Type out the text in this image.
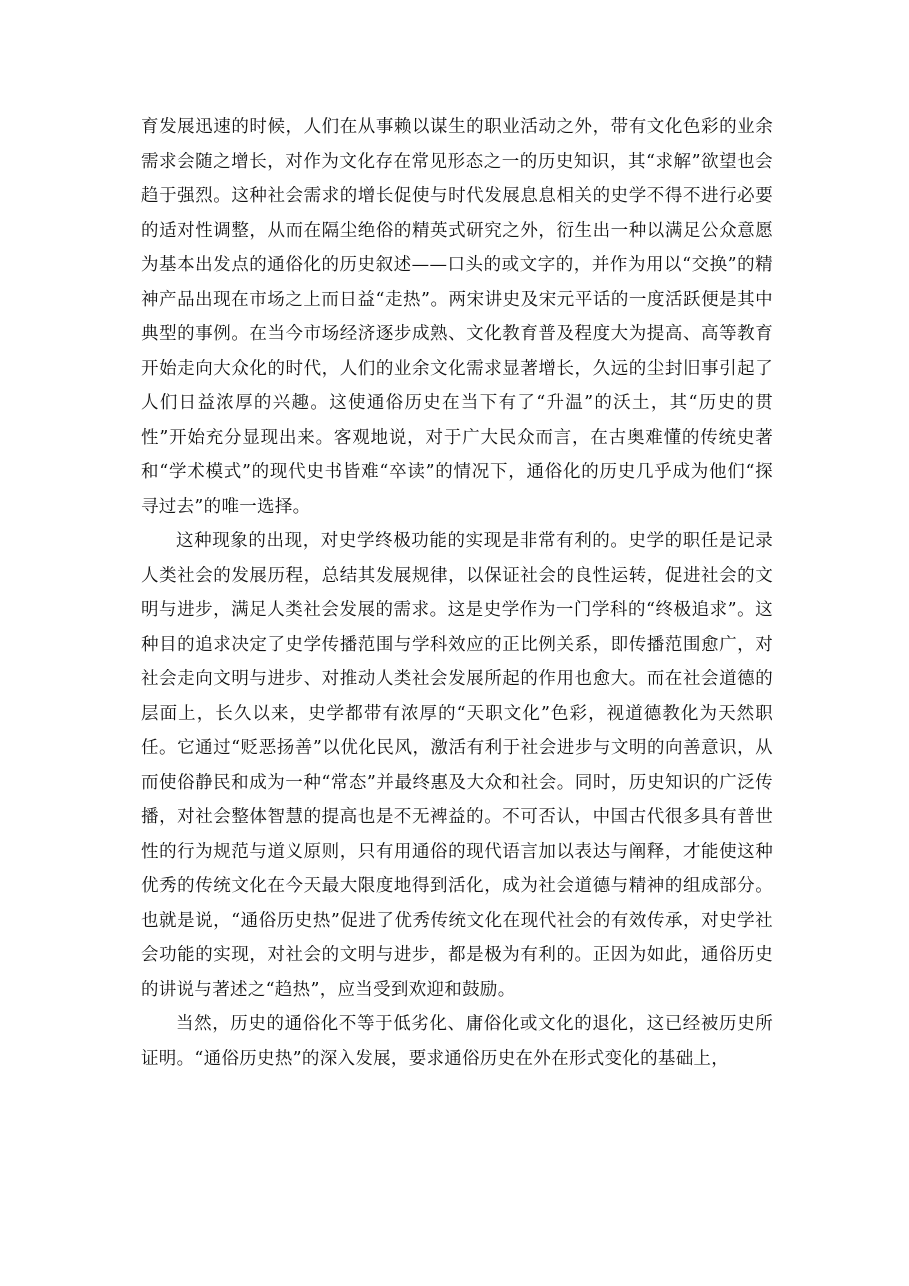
育发展迅速的时候，人们在从事赖以谋生的职业活动之外，带有文化色彩的业余需求会随之增长，对作为文化存在常见形态之一的历史知识，其“求解”欲望也会趋于强烈。这种社会需求的增长促使与时代发展息息相关的史学不得不进行必要的适对性调整，从而在隔尘绝俗的精英式研究之外，衍生出一种以满足公众意愿为基本出发点的通俗化的历史叙述——口头的或文字的，并作为用以“交换”的精神产品出现在市场之上而日益“走热”。两宋讲史及宋元平话的一度活跃便是其中典型的事例。在当今市场经济逐步成熟、文化教育普及程度大为提高、高等教育开始走向大众化的时代，人们的业余文化需求显著增长，久远的尘封旧事引起了人们日益浓厚的兴趣。这使通俗历史在当下有了“升温”的沃土，其“历史的贯性”开始充分显现出来。客观地说，对于广大民众而言，在古奥难懂的传统史著和“学术模式”的现代史书皆难“卒读”的情况下，通俗化的历史几乎成为他们“探寻过去”的唯一选择。

这种现象的出现，对史学终极功能的实现是非常有利的。史学的职任是记录人类社会的发展历程，总结其发展规律，以保证社会的良性运转，促进社会的文明与进步，满足人类社会发展的需求。这是史学作为一门学科的“终极追求”。这种目的追求决定了史学传播范围与学科效应的正比例关系，即传播范围愈广，对社会走向文明与进步、对推动人类社会发展所起的作用也愈大。而在社会道德的层面上，长久以来，史学都带有浓厚的“天职文化”色彩，视道德教化为天然职任。它通过“贬恶扬善”以优化民风，激活有利于社会进步与文明的向善意识，从而使俗静民和成为一种“常态”并最终惠及大众和社会。同时，历史知识的广泛传播，对社会整体智慧的提高也是不无裨益的。不可否认，中国古代很多具有普世性的行为规范与道义原则，只有用通俗的现代语言加以表达与阐释，才能使这种优秀的传统文化在今天最大限度地得到活化，成为社会道德与精神的组成部分。也就是说，“通俗历史热”促进了优秀传统文化在现代社会的有效传承，对史学社会功能的实现，对社会的文明与进步，都是极为有利的。正因为如此，通俗历史的讲说与著述之“趋热”，应当受到欢迎和鼓励。

当然，历史的通俗化不等于低劣化、庸俗化或文化的退化，这已经被历史所证明。“通俗历史热”的深入发展，要求通俗历史在外在形式变化的基础上，
